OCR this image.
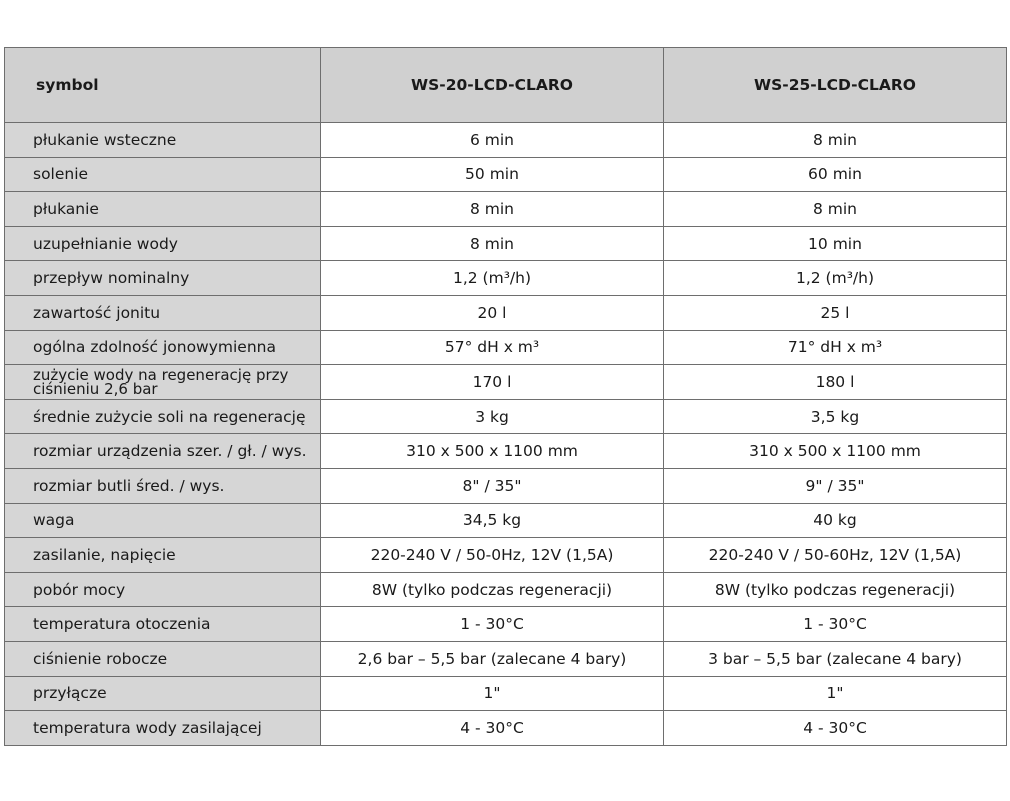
symbol	WS-20-LCD-CLARO	WS-25-LCD-CLARO

płukanie wsteczne	6 min	8 min
solenie	50 min	60 min
płukanie	8 min	8 min
uzupełnianie wody	8 min	10 min
przepływ nominalny	1,2 (m³/h)	1,2 (m³/h)
zawartość jonitu	20 l	25 l
ogólna zdolność jonowymienna	57° dH x m³	71° dH x m³

zużycie wody na regenerację przy ciśnieniu 2,6 bar	170 l	180 l
średnie zużycie soli na regenerację	3 kg	3,5 kg
rozmiar urządzenia szer. / gł. / wys.	310 x 500 x 1100 mm	310 x 500 x 1100 mm
rozmiar butli śred. / wys.	8" / 35"	9" / 35"
waga	34,5 kg	40 kg
zasilanie, napięcie	220-240 V / 50-0Hz, 12V (1,5A)	220-240 V / 50-60Hz, 12V (1,5A)
pobór mocy	8W (tylko podczas regeneracji)	8W (tylko podczas regeneracji)
temperatura otoczenia	1 - 30°C	1 - 30°C
ciśnienie robocze	2,6 bar – 5,5 bar (zalecane 4 bary)	3 bar – 5,5 bar (zalecane 4 bary)
przyłącze	1"	1"
temperatura wody zasilającej	4 - 30°C	4 - 30°C
